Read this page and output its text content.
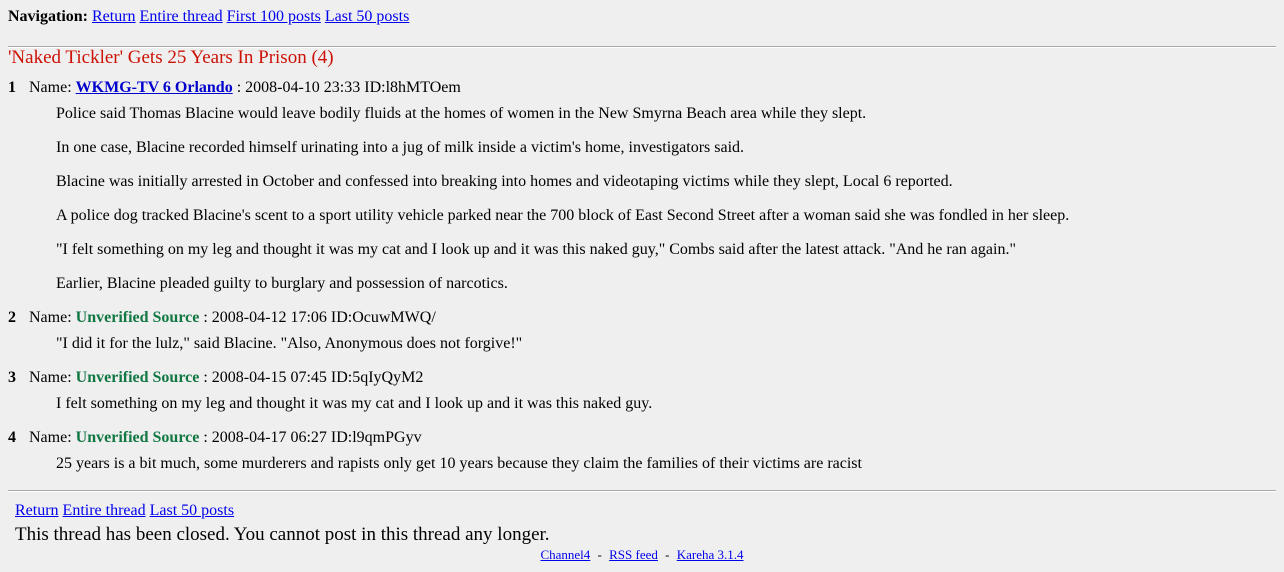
Navigation: Return Entire thread First 100 posts Last 50 posts
'Naked Tickler' Gets 25 Years In Prison (4)
1 Name: WKMG-TV 6 Orlando : 2008-04-10 23:33 ID:l8hMTOem
Police said Thomas Blacine would leave bodily fluids at the homes of women in the New Smyrna Beach area while they slept.
In one case, Blacine recorded himself urinating into a jug of milk inside a victim's home, investigators said.
Blacine was initially arrested in October and confessed into breaking into homes and videotaping victims while they slept, Local 6 reported.
A police dog tracked Blacine's scent to a sport utility vehicle parked near the 700 block of East Second Street after a woman said she was fondled in her sleep.
"I felt something on my leg and thought it was my cat and I look up and it was this naked guy," Combs said after the latest attack. "And he ran again."
Earlier, Blacine pleaded guilty to burglary and possession of narcotics.
2 Name: Unverified Source : 2008-04-12 17:06 ID:OcuwMWQ/
"I did it for the lulz," said Blacine. "Also, Anonymous does not forgive!"
3 Name: Unverified Source : 2008-04-15 07:45 ID:5qIyQyM2
I felt something on my leg and thought it was my cat and I look up and it was this naked guy.
4 Name: Unverified Source : 2008-04-17 06:27 ID:l9qmPGyv
25 years is a bit much, some murderers and rapists only get 10 years because they claim the families of their victims are racist
Return Entire thread Last 50 posts
This thread has been closed. You cannot post in this thread any longer.
Channel4 - RSS feed - Kareha 3.1.4
